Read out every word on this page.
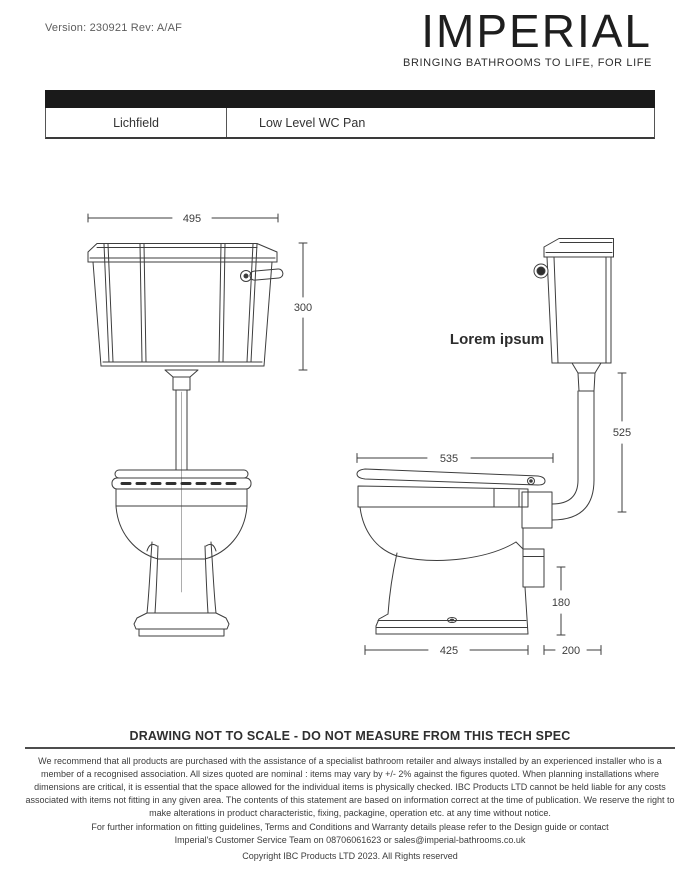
Version: 230921 Rev: A/AF	IMPERIAL
BRINGING BATHROOMS TO LIFE, FOR LIFE
Lichfield	Low Level WC Pan
495
300
535
525
180
425	200
Lorem ipsum
DRAWING NOT TO SCALE - DO NOT MEASURE FROM THIS TECH SPEC
We recommend that all products are purchased with the assistance of a specialist bathroom retailer and always installed by an experienced installer who is a member of a recognised association. All sizes quoted are nominal : items may vary by +/- 2% against the figures quoted. When planning installations where dimensions are critical, it is essential that the space allowed for the individual items is physically checked. IBC Products LTD cannot be held liable for any costs associated with items not fitting in any given area. The contents of this statement are based on information correct at the time of publication. We reserve the right to make alterations in product characteristic, fixing, packagine, operation etc. at any time without notice.
For further information on fitting guidelines, Terms and Conditions and Warranty details please refer to the Design guide or contact Imperial's Customer Service Team on 08706061623 or sales@imperial-bathrooms.co.uk
Copyright IBC Products LTD 2023. All Rights reserved
